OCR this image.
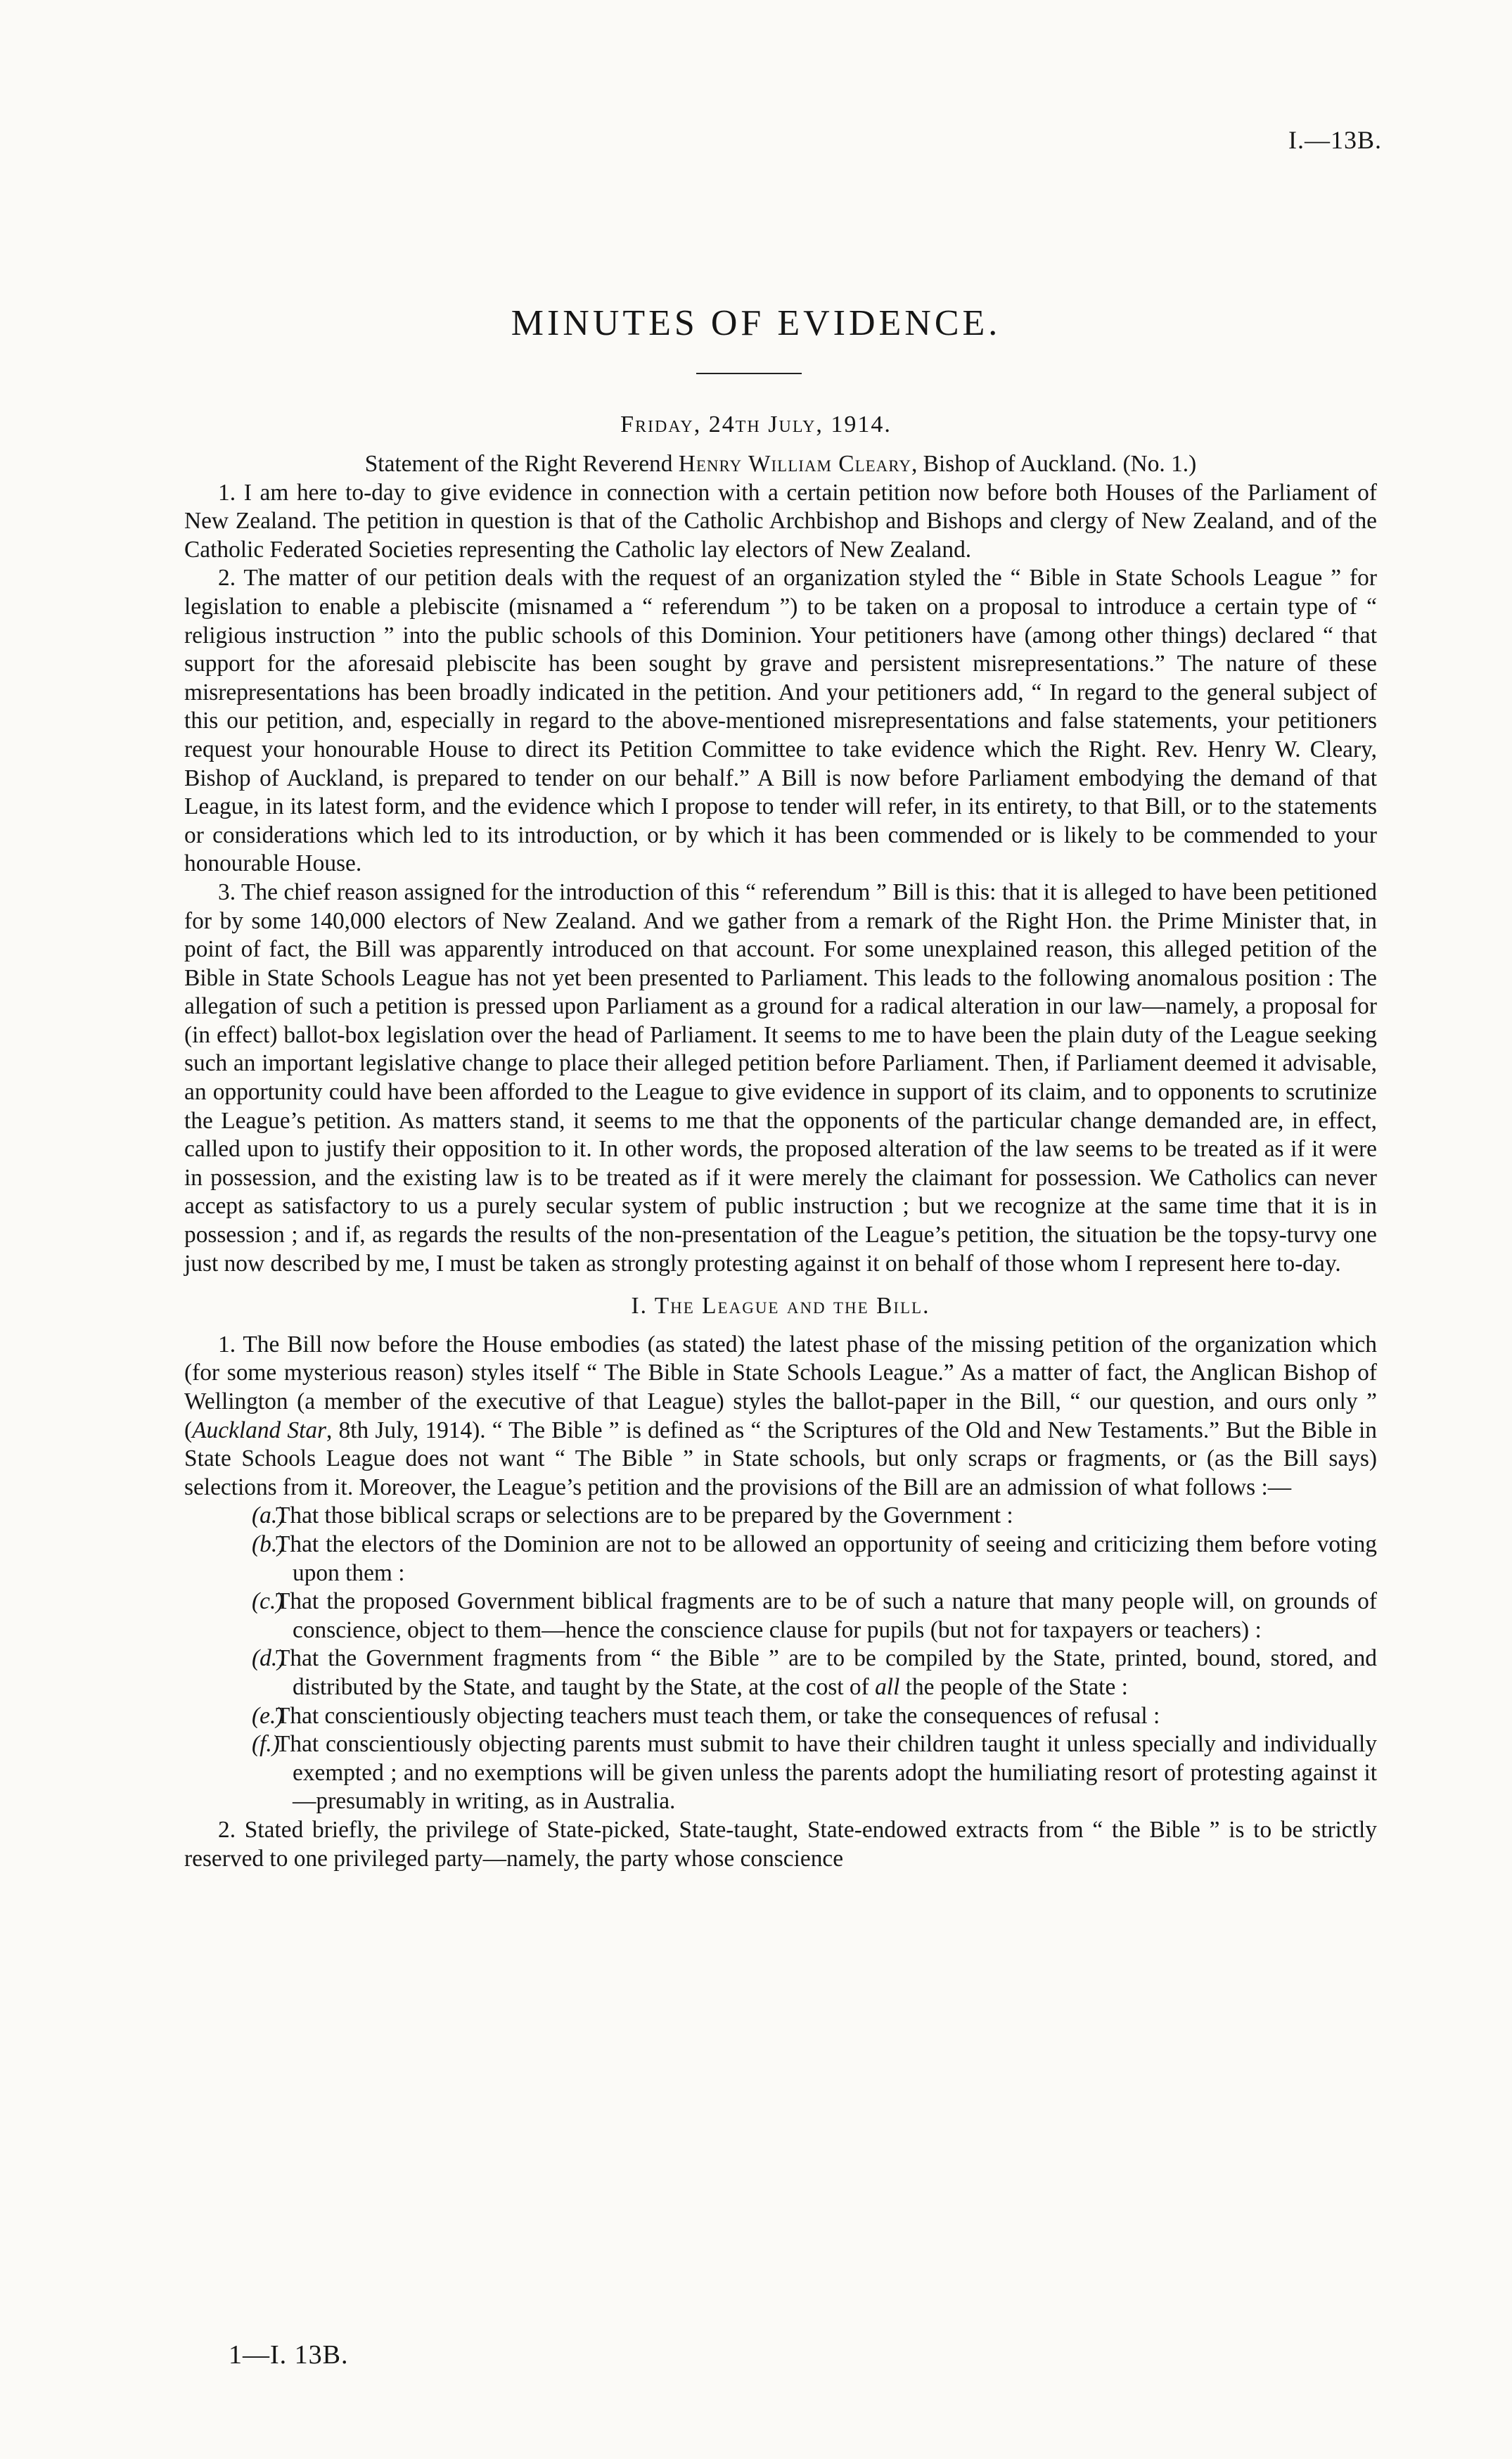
I.—13B.
MINUTES OF EVIDENCE.
Friday, 24th July, 1914.

Statement of the Right Reverend Henry William Cleary, Bishop of Auckland. (No. 1.)

1. I am here to-day to give evidence in connection with a certain petition now before both Houses of the Parliament of New Zealand. The petition in question is that of the Catholic Archbishop and Bishops and clergy of New Zealand, and of the Catholic Federated Societies representing the Catholic lay electors of New Zealand.

2. The matter of our petition deals with the request of an organization styled the “ Bible in State Schools League ” for legislation to enable a plebiscite (misnamed a “ referendum ”) to be taken on a proposal to introduce a certain type of “ religious instruction ” into the public schools of this Dominion. Your petitioners have (among other things) declared “ that support for the aforesaid plebiscite has been sought by grave and persistent misrepresentations.” The nature of these misrepresentations has been broadly indicated in the petition. And your petitioners add, “ In regard to the general subject of this our petition, and, especially in regard to the above-mentioned misrepresentations and false statements, your petitioners request your honourable House to direct its Petition Committee to take evidence which the Right. Rev. Henry W. Cleary, Bishop of Auckland, is prepared to tender on our behalf.” A Bill is now before Parliament embodying the demand of that League, in its latest form, and the evidence which I propose to tender will refer, in its entirety, to that Bill, or to the statements or considerations which led to its introduction, or by which it has been commended or is likely to be commended to your honourable House.

3. The chief reason assigned for the introduction of this “ referendum ” Bill is this: that it is alleged to have been petitioned for by some 140,000 electors of New Zealand. And we gather from a remark of the Right Hon. the Prime Minister that, in point of fact, the Bill was apparently introduced on that account. For some unexplained reason, this alleged petition of the Bible in State Schools League has not yet been presented to Parliament. This leads to the following anomalous position : The allegation of such a petition is pressed upon Parliament as a ground for a radical alteration in our law—namely, a proposal for (in effect) ballot-box legislation over the head of Parliament. It seems to me to have been the plain duty of the League seeking such an important legislative change to place their alleged petition before Parliament. Then, if Parliament deemed it advisable, an opportunity could have been afforded to the League to give evidence in support of its claim, and to opponents to scrutinize the League’s petition. As matters stand, it seems to me that the opponents of the particular change demanded are, in effect, called upon to justify their opposition to it. In other words, the proposed alteration of the law seems to be treated as if it were in possession, and the existing law is to be treated as if it were merely the claimant for possession. We Catholics can never accept as satisfactory to us a purely secular system of public instruction ; but we recognize at the same time that it is in possession ; and if, as regards the results of the non-presentation of the League’s petition, the situation be the topsy-turvy one just now described by me, I must be taken as strongly protesting against it on behalf of those whom I represent here to-day.

I. The League and the Bill.

1. The Bill now before the House embodies (as stated) the latest phase of the missing petition of the organization which (for some mysterious reason) styles itself “ The Bible in State Schools League.” As a matter of fact, the Anglican Bishop of Wellington (a member of the executive of that League) styles the ballot-paper in the Bill, “ our question, and ours only ” (Auckland Star, 8th July, 1914). “ The Bible ” is defined as “ the Scriptures of the Old and New Testaments.” But the Bible in State Schools League does not want “ The Bible ” in State schools, but only scraps or fragments, or (as the Bill says) selections from it. Moreover, the League’s petition and the provisions of the Bill are an admission of what follows :—

(a.)
That those biblical scraps or selections are to be prepared by the Government :
(b.)
That the electors of the Dominion are not to be allowed an opportunity of seeing and criticizing them before voting upon them :
(c.)
That the proposed Government biblical fragments are to be of such a nature that many people will, on grounds of conscience, object to them—hence the conscience clause for pupils (but not for taxpayers or teachers) :
(d.)
That the Government fragments from “ the Bible ” are to be compiled by the State, printed, bound, stored, and distributed by the State, and taught by the State, at the cost of all the people of the State :
(e.)
That conscientiously objecting teachers must teach them, or take the consequences of refusal :
(f.)
That conscientiously objecting parents must submit to have their children taught it unless specially and individually exempted ; and no exemptions will be given unless the parents adopt the humiliating resort of protesting against it—presumably in writing, as in Australia.

2. Stated briefly, the privilege of State-picked, State-taught, State-endowed extracts from “ the Bible ” is to be strictly reserved to one privileged party—namely, the party whose conscience

1—I. 13B.
